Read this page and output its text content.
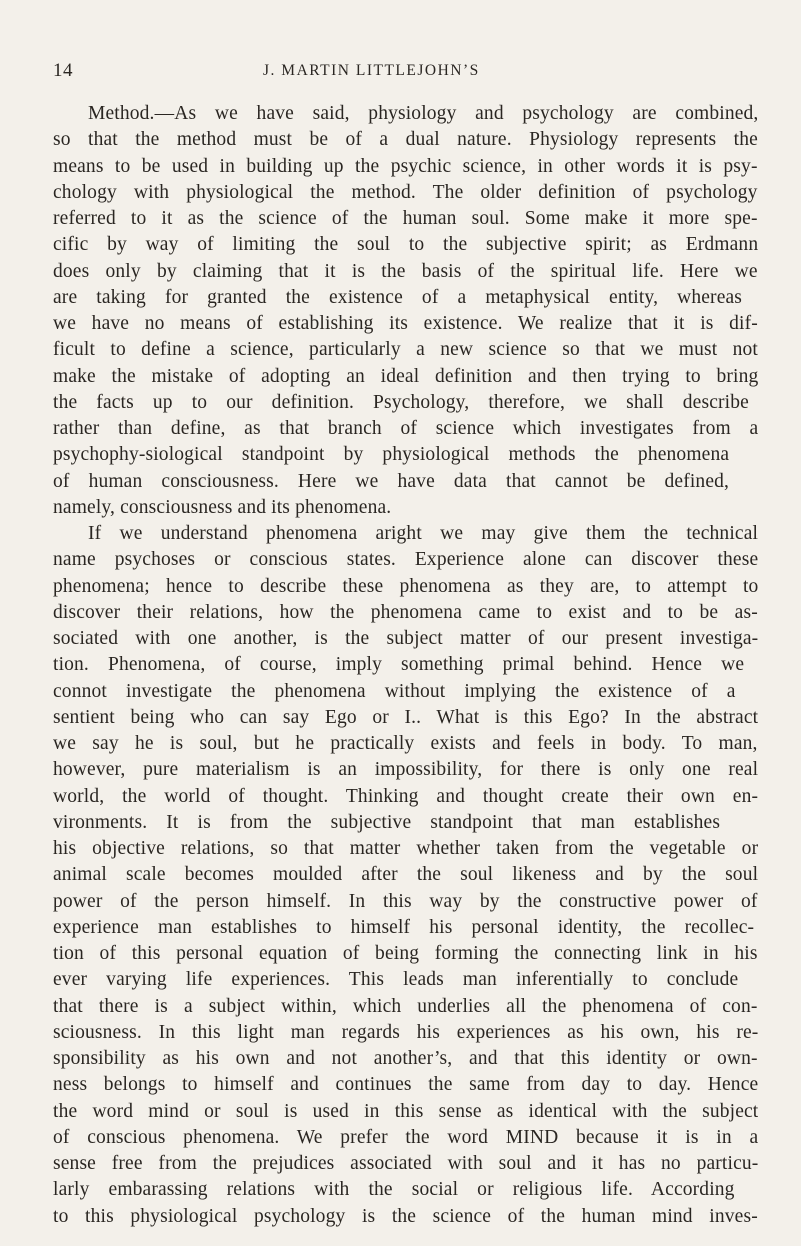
14	J. MARTIN LITTLEJOHN’S
Method.—As we have said, physiology and psychology are combined,
so that the method must be of a dual nature. Physiology represents the
means to be used in building up the psychic science, in other words it is psy-
chology with physiological the method. The older definition of psychology
referred to it as the science of the human soul. Some make it more spe-
cific by way of limiting the soul to the subjective spirit; as Erdmann
does only by claiming that it is the basis of the spiritual life. Here we
are taking for granted the existence of a metaphysical entity, whereas
we have no means of establishing its existence. We realize that it is dif-
ficult to define a science, particularly a new science so that we must not
make the mistake of adopting an ideal definition and then trying to bring
the facts up to our definition. Psychology, therefore, we shall describe
rather than define, as that branch of science which investigates from a
psychophy-siological standpoint by physiological methods the phenomena
of human consciousness. Here we have data that cannot be defined,
namely, consciousness and its phenomena.
If we understand phenomena aright we may give them the technical
name psychoses or conscious states. Experience alone can discover these
phenomena; hence to describe these phenomena as they are, to attempt to
discover their relations, how the phenomena came to exist and to be as-
sociated with one another, is the subject matter of our present investiga-
tion. Phenomena, of course, imply something primal behind. Hence we
connot investigate the phenomena without implying the existence of a
sentient being who can say Ego or I.. What is this Ego? In the abstract
we say he is soul, but he practically exists and feels in body. To man,
however, pure materialism is an impossibility, for there is only one real
world, the world of thought. Thinking and thought create their own en-
vironments. It is from the subjective standpoint that man establishes
his objective relations, so that matter whether taken from the vegetable or
animal scale becomes moulded after the soul likeness and by the soul
power of the person himself. In this way by the constructive power of
experience man establishes to himself his personal identity, the recollec-
tion of this personal equation of being forming the connecting link in his
ever varying life experiences. This leads man inferentially to conclude
that there is a subject within, which underlies all the phenomena of con-
sciousness. In this light man regards his experiences as his own, his re-
sponsibility as his own and not another’s, and that this identity or own-
ness belongs to himself and continues the same from day to day. Hence
the word mind or soul is used in this sense as identical with the subject
of conscious phenomena. We prefer the word MIND because it is in a
sense free from the prejudices associated with soul and it has no particu-
larly embarassing relations with the social or religious life. According
to this physiological psychology is the science of the human mind inves-
